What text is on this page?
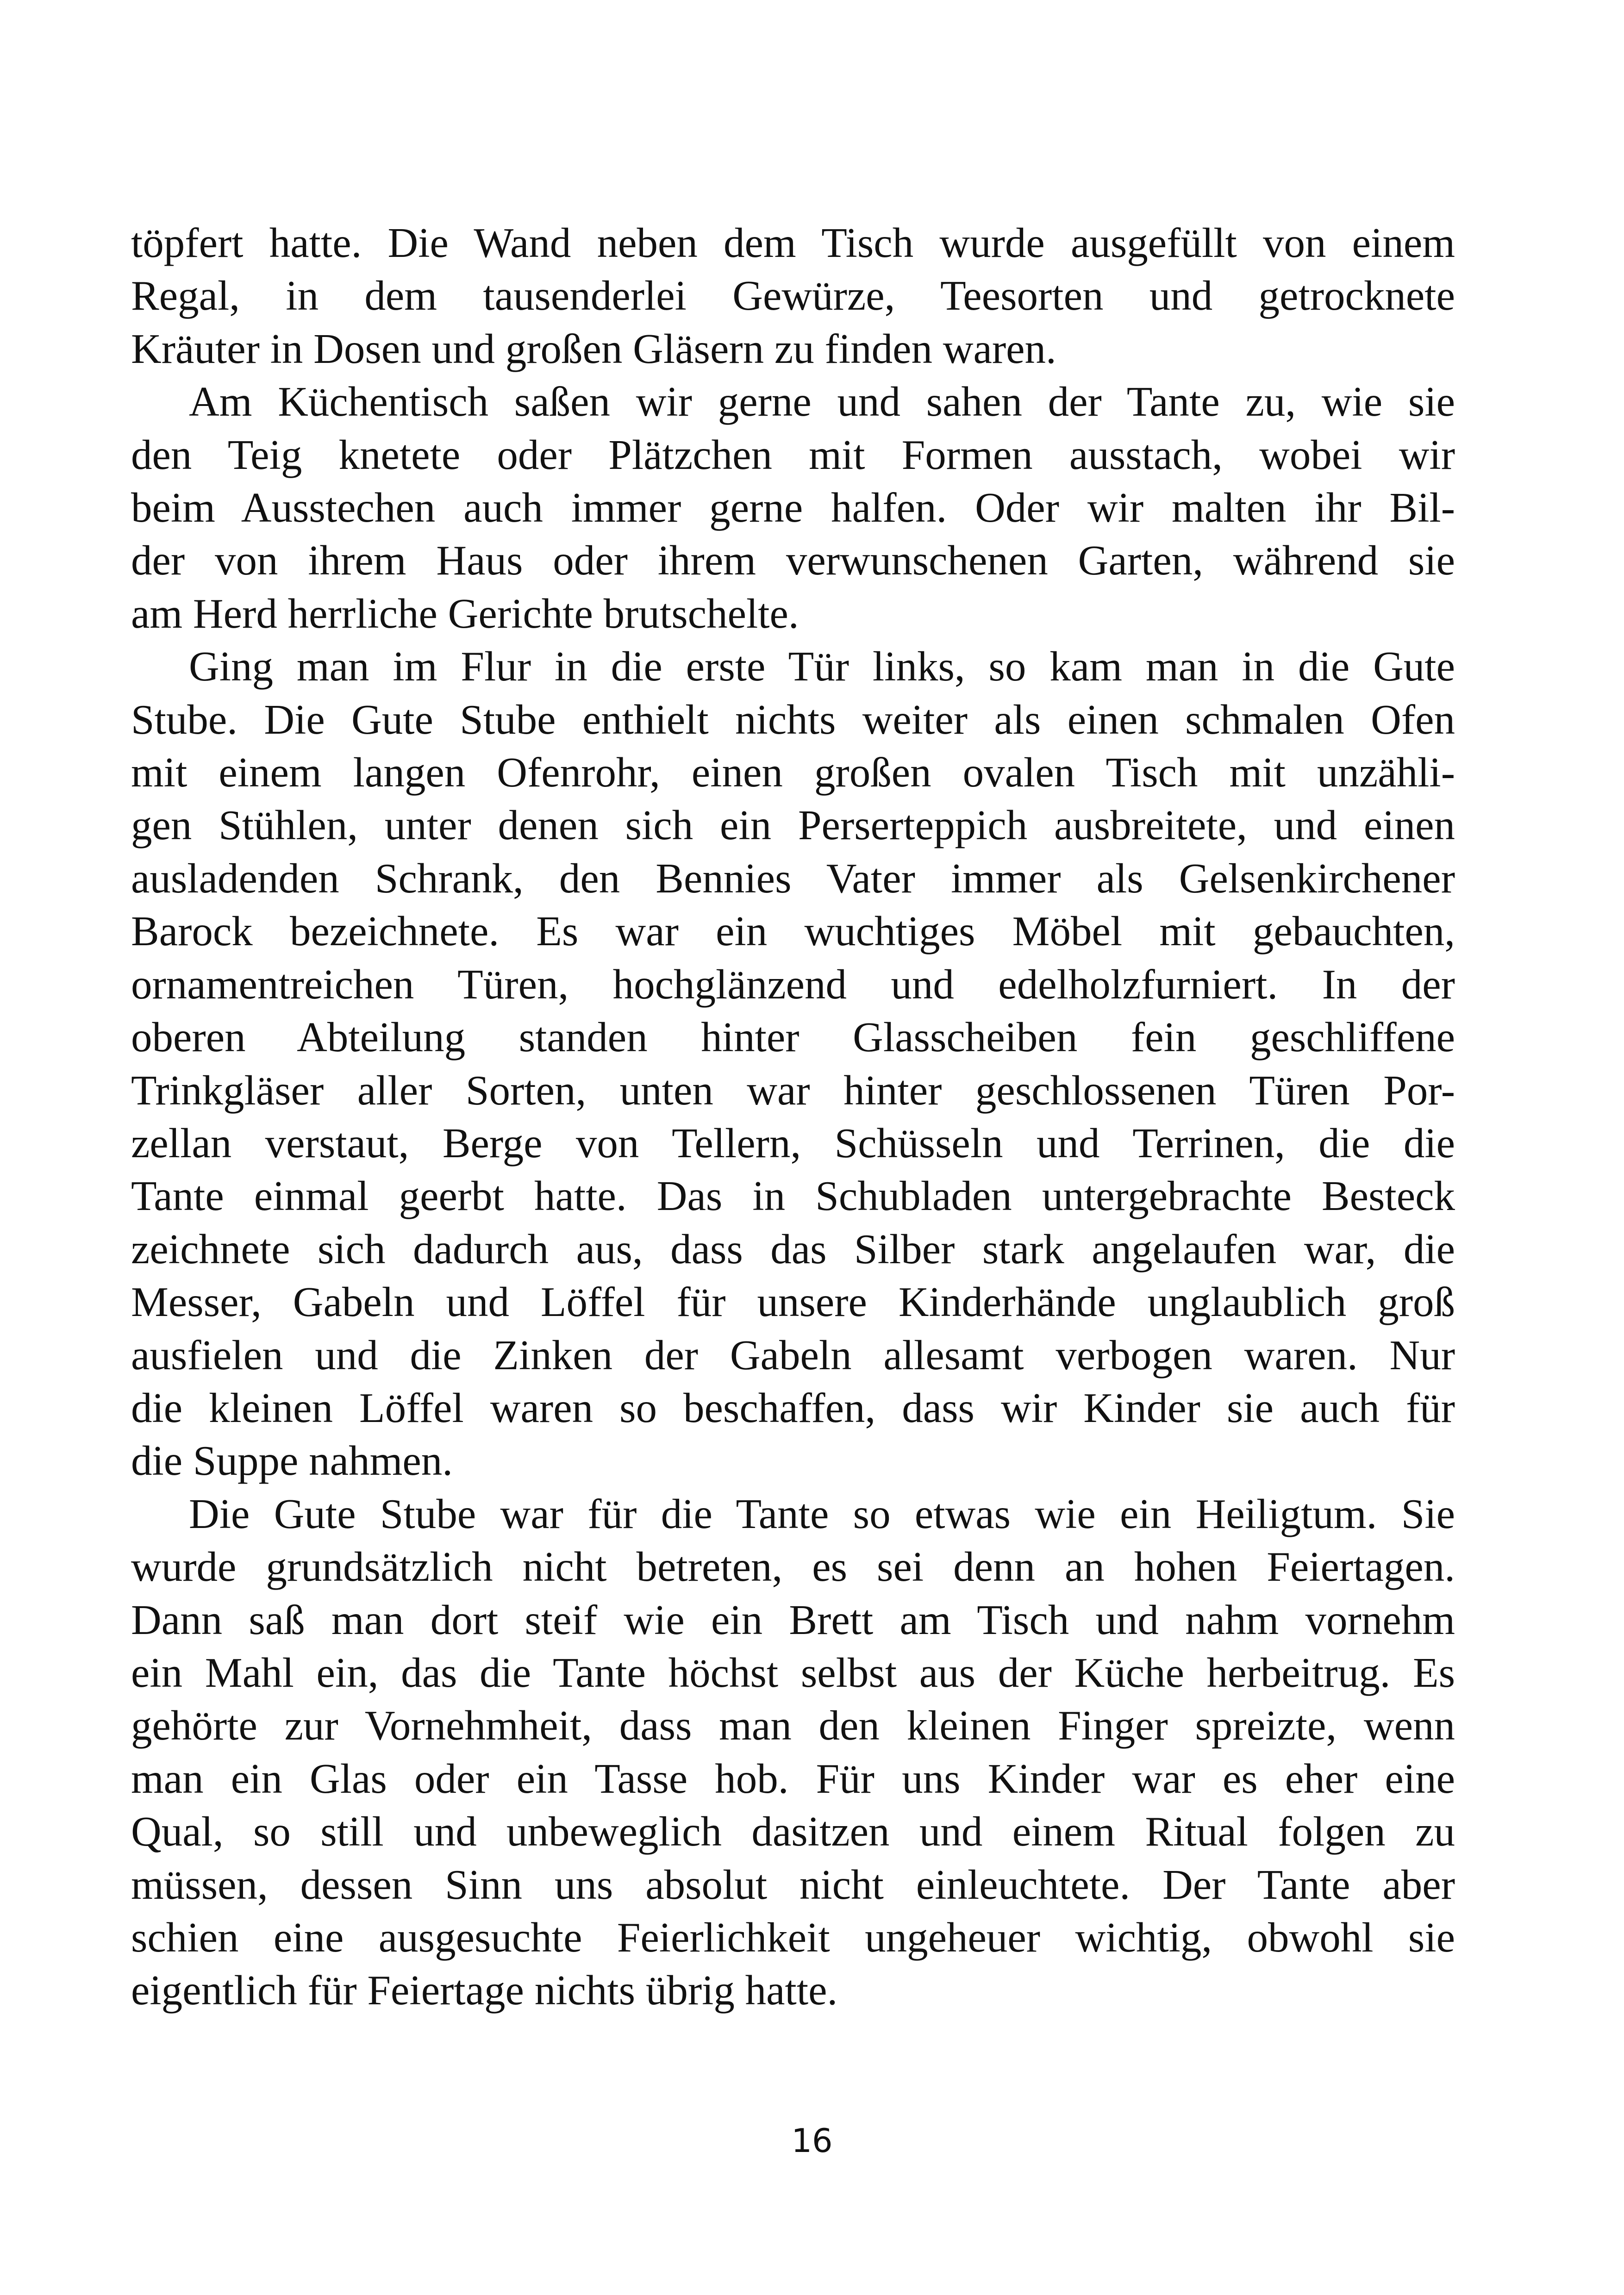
töpfert hatte. Die Wand neben dem Tisch wurde ausgefüllt von einem
Regal, in dem tausenderlei Gewürze, Teesorten und getrocknete
Kräuter in Dosen und großen Gläsern zu finden waren.
Am Küchentisch saßen wir gerne und sahen der Tante zu, wie sie
den Teig knetete oder Plätzchen mit Formen ausstach, wobei wir
beim Ausstechen auch immer gerne halfen. Oder wir malten ihr Bil-
der von ihrem Haus oder ihrem verwunschenen Garten, während sie
am Herd herrliche Gerichte brutschelte.
Ging man im Flur in die erste Tür links, so kam man in die Gute
Stube. Die Gute Stube enthielt nichts weiter als einen schmalen Ofen
mit einem langen Ofenrohr, einen großen ovalen Tisch mit unzähli-
gen Stühlen, unter denen sich ein Perserteppich ausbreitete, und einen
ausladenden Schrank, den Bennies Vater immer als Gelsenkirchener
Barock bezeichnete. Es war ein wuchtiges Möbel mit gebauchten,
ornamentreichen Türen, hochglänzend und edelholzfurniert. In der
oberen Abteilung standen hinter Glasscheiben fein geschliffene
Trinkgläser aller Sorten, unten war hinter geschlossenen Türen Por-
zellan verstaut, Berge von Tellern, Schüsseln und Terrinen, die die
Tante einmal geerbt hatte. Das in Schubladen untergebrachte Besteck
zeichnete sich dadurch aus, dass das Silber stark angelaufen war, die
Messer, Gabeln und Löffel für unsere Kinderhände unglaublich groß
ausfielen und die Zinken der Gabeln allesamt verbogen waren. Nur
die kleinen Löffel waren so beschaffen, dass wir Kinder sie auch für
die Suppe nahmen.
Die Gute Stube war für die Tante so etwas wie ein Heiligtum. Sie
wurde grundsätzlich nicht betreten, es sei denn an hohen Feiertagen.
Dann saß man dort steif wie ein Brett am Tisch und nahm vornehm
ein Mahl ein, das die Tante höchst selbst aus der Küche herbeitrug. Es
gehörte zur Vornehmheit, dass man den kleinen Finger spreizte, wenn
man ein Glas oder ein Tasse hob. Für uns Kinder war es eher eine
Qual, so still und unbeweglich dasitzen und einem Ritual folgen zu
müssen, dessen Sinn uns absolut nicht einleuchtete. Der Tante aber
schien eine ausgesuchte Feierlichkeit ungeheuer wichtig, obwohl sie
eigentlich für Feiertage nichts übrig hatte.
16
